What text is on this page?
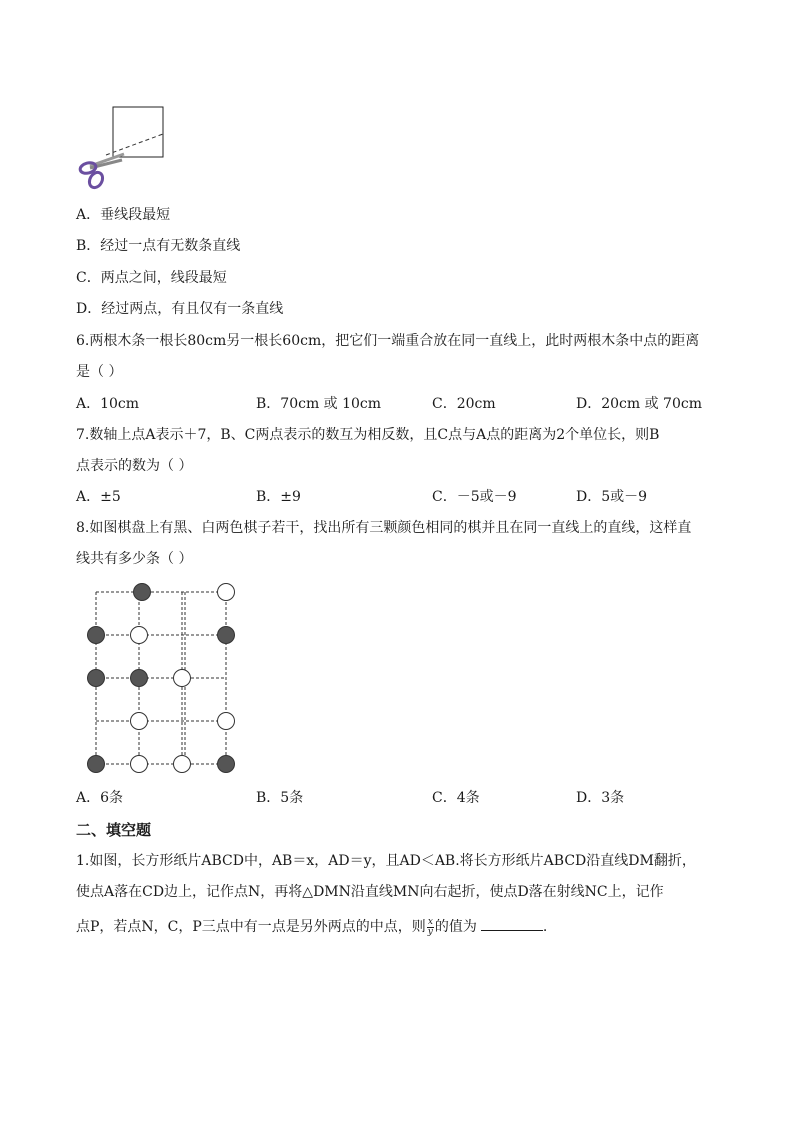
A．垂线段最短
B．经过一点有无数条直线
C．两点之间，线段最短
D．经过两点，有且仅有一条直线
6.两根木条一根长80cm另一根长60cm，把它们一端重合放在同一直线上，此时两根木条中点的距离
是（ ）
A．10cm	B．70cm 或 10cm	C．20cm	D．20cm 或 70cm
7.数轴上点A表示＋7，B、C两点表示的数互为相反数，且C点与A点的距离为2个单位长，则B
点表示的数为（ ）
A．±5	B．±9	C．－5或－9	D．5或－9
8.如图棋盘上有黑、白两色棋子若干，找出所有三颗颜色相同的棋并且在同一直线上的直线，这样直
线共有多少条（ ）
A．6条	B．5条	C．4条	D．3条
二、填空题
1.如图，长方形纸片ABCD中，AB＝x，AD＝y，且AD＜AB.将长方形纸片ABCD沿直线DM翻折，
使点A落在CD边上，记作点N，再将△DMN沿直线MN向右起折，使点D落在射线NC上，记作
点P，若点N，C，P三点中有一点是另外两点的中点，则 $\frac{x}{y}$ 的值为	.
